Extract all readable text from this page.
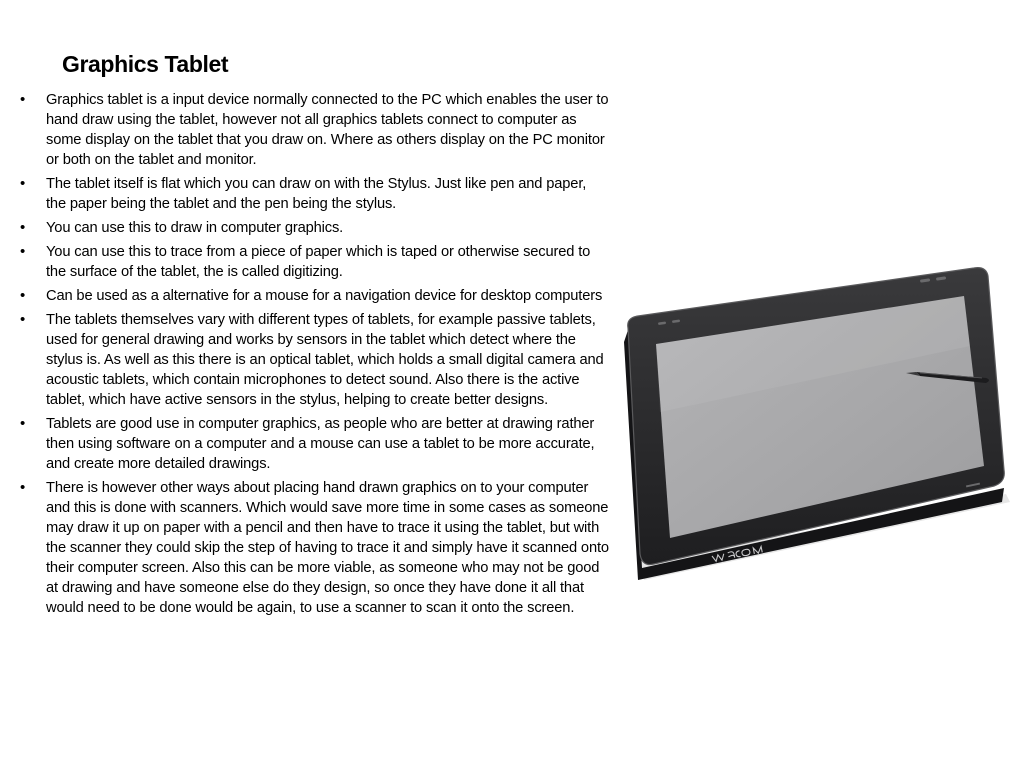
Graphics Tablet
•	Graphics tablet is a input device normally connected to the PC which enables the user to hand draw using the tablet, however not all graphics tablets connect to computer as some display on the tablet that you draw on. Where as others display on the PC monitor or both on the tablet and monitor.
•	The tablet itself is flat which you can draw on with the Stylus. Just like pen and paper, the paper being the tablet and the pen being the stylus.
•	You can use this to draw in computer graphics.
•	You can use this to trace from a piece of paper which is taped or otherwise secured to the surface of the tablet, the is called digitizing.
•	Can be used as a alternative for a mouse for a navigation device for desktop computers
•	The tablets themselves vary with different types of tablets, for example passive tablets, used for general drawing and works by sensors in the tablet which detect where the stylus is. As well as this there is an optical tablet, which holds a small digital camera and acoustic tablets, which contain microphones to detect sound. Also there is the active tablet, which have active sensors in the stylus, helping to create better designs.
•	Tablets are good use in computer graphics, as people who are better at drawing rather then using software on a computer and a mouse can use a tablet to be more accurate, and create more detailed drawings.
•	There is however other ways about placing hand drawn graphics on to your computer and this is done with scanners. Which would save more time in some cases as someone may draw it up on paper with a pencil and then have to trace it using the tablet, but with the scanner they could skip the step of having to trace it and simply have it scanned onto their computer screen. Also this can be more viable, as someone who may not be good at drawing and have someone else do they design, so once they have done it all that would need to be done would be again, to use a scanner to scan it onto the screen.
